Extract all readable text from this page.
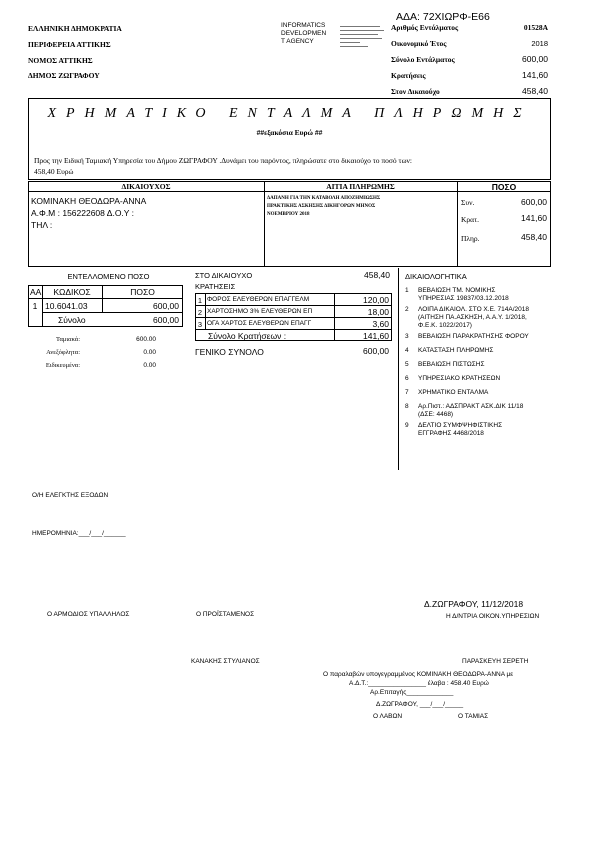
ΑΔΑ: 72ΧΙΩΡΦ-Ε66
ΕΛΛΗΝΙΚΗ ΔΗΜΟΚΡΑΤΙΑ
ΠΕΡΙΦΕΡΕΙΑ ΑΤΤΙΚΗΣ
ΝΟΜΟΣ ΑΤΤΙΚΗΣ
ΔΗΜΟΣ ΖΩΓΡΑΦΟΥ
INFORMATICS
DEVELOPMEN
T AGENCY
Αριθμός Εντάλματος	01528Α
Οικονομικό Έτος	2018
Σύνολο Εντάλματος	600,00
Κρατήσεις	141,60
Στον Δικαιούχο	458,40
ΧΡΗΜΑΤΙΚΟ ΕΝΤΑΛΜΑ ΠΛΗΡΩΜΗΣ
##εξακόσια Ευρώ ##
Προς την Ειδική Ταμιακή Υπηρεσία του Δήμου ΖΩΓΡΑΦΟΥ .Δυνάμει του παρόντος, πληρώσατε στο δικαιούχο το ποσό των:
458,40 Ευρώ
ΔΙΚΑΙΟΥΧΟΣ	ΑΙΤΙΑ ΠΛΗΡΩΜΗΣ	ΠΟΣΟ
ΚΟΜΙΝΑΚΗ ΘΕΟΔΩΡΑ-ΑΝΝΑ
Α.Φ.Μ : 156222608 Δ.Ο.Υ :
ΤΗΛ :
ΔΑΠΑΝΗ ΓΙΑ ΤΗΝ ΚΑΤΑΒΟΛΗ ΑΠΟΖΗΜΙΩΣΗΣ
ΠΡΑΚΤΙΚΗΣ ΑΣΚΗΣΗΣ ΔΙΚΗΓΟΡΩΝ ΜΗΝΟΣ
ΝΟΕΜΒΡΙΟΥ 2018
Συν.	600,00
Κρατ.	141,60
Πληρ.	458,40
ΕΝΤΕΛΛΟΜΕΝΟ ΠΟΣΟ
ΑΑ	ΚΩΔΙΚΟΣ	ΠΟΣΟ
1 10.6041.03	600,00
Σύνολο	600,00
Ταμιακά:	600.00
Ανεξόφλητα:	0.00
Ειδικευμένα:	0.00
ΣΤΟ ΔΙΚΑΙΟΥΧΟ	458,40
ΚΡΑΤΗΣΕΙΣ
1 ΦΟΡΟΣ ΕΛΕΥΘΕΡΩΝ ΕΠΑΓΓΕΛΜ	120,00
2 ΧΑΡΤΟΣΗΜΟ 3% ΕΛΕΥΘΕΡΩΝ ΕΠ	18,00
3 ΟΓΑ ΧΑΡΤΟΣ ΕΛΕΥΘΕΡΩΝ ΕΠΑΓΓ	3,60
Σύνολο Κρατήσεων :	141,60
ΓΕΝΙΚΟ ΣΥΝΟΛΟ	600,00
ΔΙΚΑΙΟΛΟΓΗΤΙΚΑ
1	ΒΕΒΑΙΩΣΗ ΤΜ. ΝΟΜΙΚΗΣ
ΥΠΗΡΕΣΙΑΣ 19837/03.12.2018
2	ΛΟΙΠΑ ΔΙΚΑΙΟΛ. ΣΤΟ Χ.Ε. 714Α/2018
(ΑΙΤΗΣΗ ΠΑ.ΑΣΚΗΣΗ, Α.Α.Υ. 1/2018,
Φ.Ε.Κ. 1022/2017)
3	ΒΕΒΑΙΩΣΗ ΠΑΡΑΚΡΑΤΗΣΗΣ ΦΟΡΟΥ
4	ΚΑΤΑΣΤΑΣΗ ΠΛΗΡΩΜΗΣ
5	ΒΕΒΑΙΩΣΗ ΠΙΣΤΩΣΗΣ
6	ΥΠΗΡΕΣΙΑΚΟ ΚΡΑΤΗΣΕΩΝ
7	ΧΡΗΜΑΤΙΚΟ ΕΝΤΑΛΜΑ
8	Αρ.Πιστ.: ΑΔΣΠΡΑΚΤ ΑΣΚ.ΔΙΚ 11/18
(ΔΣΕ: 4468)
9	ΔΕΛΤΙΟ ΣΥΜΦΨΗΦΙΣΤΙΚΗΣ
ΕΓΓΡΑΦΗΣ 4468/2018
Ο/Η ΕΛΕΓΚΤΗΣ ΕΞΟΔΩΝ
ΗΜΕΡΟΜΗΝΙΑ:___/___/______
Δ.ΖΩΓΡΑΦΟΥ, 11/12/2018
Ο ΑΡΜΟΔΙΟΣ ΥΠΑΛΛΗΛΟΣ	Ο ΠΡΟΪΣΤΑΜΕΝΟΣ	Η Δ/ΝΤΡΙΑ ΟΙΚΟΝ.ΥΠΗΡΕΣΙΩΝ
ΚΑΝΑΚΗΣ ΣΤΥΛΙΑΝΟΣ	ΠΑΡΑΣΚΕΥΗ ΣΕΡΕΤΗ
Ο παραλαβών υπογεγραμμένος ΚΟΜΙΝΑΚΗ ΘΕΟΔΩΡΑ-ΑΝΝΑ με
Α.Δ.Τ.:________________ έλαβα : 458.40 Ευρώ
Αρ.Επιταγής_____________
Δ.ΖΩΓΡΑΦΟΥ, ___/___/_____
Ο ΛΑΒΩΝ	Ο ΤΑΜΙΑΣ
